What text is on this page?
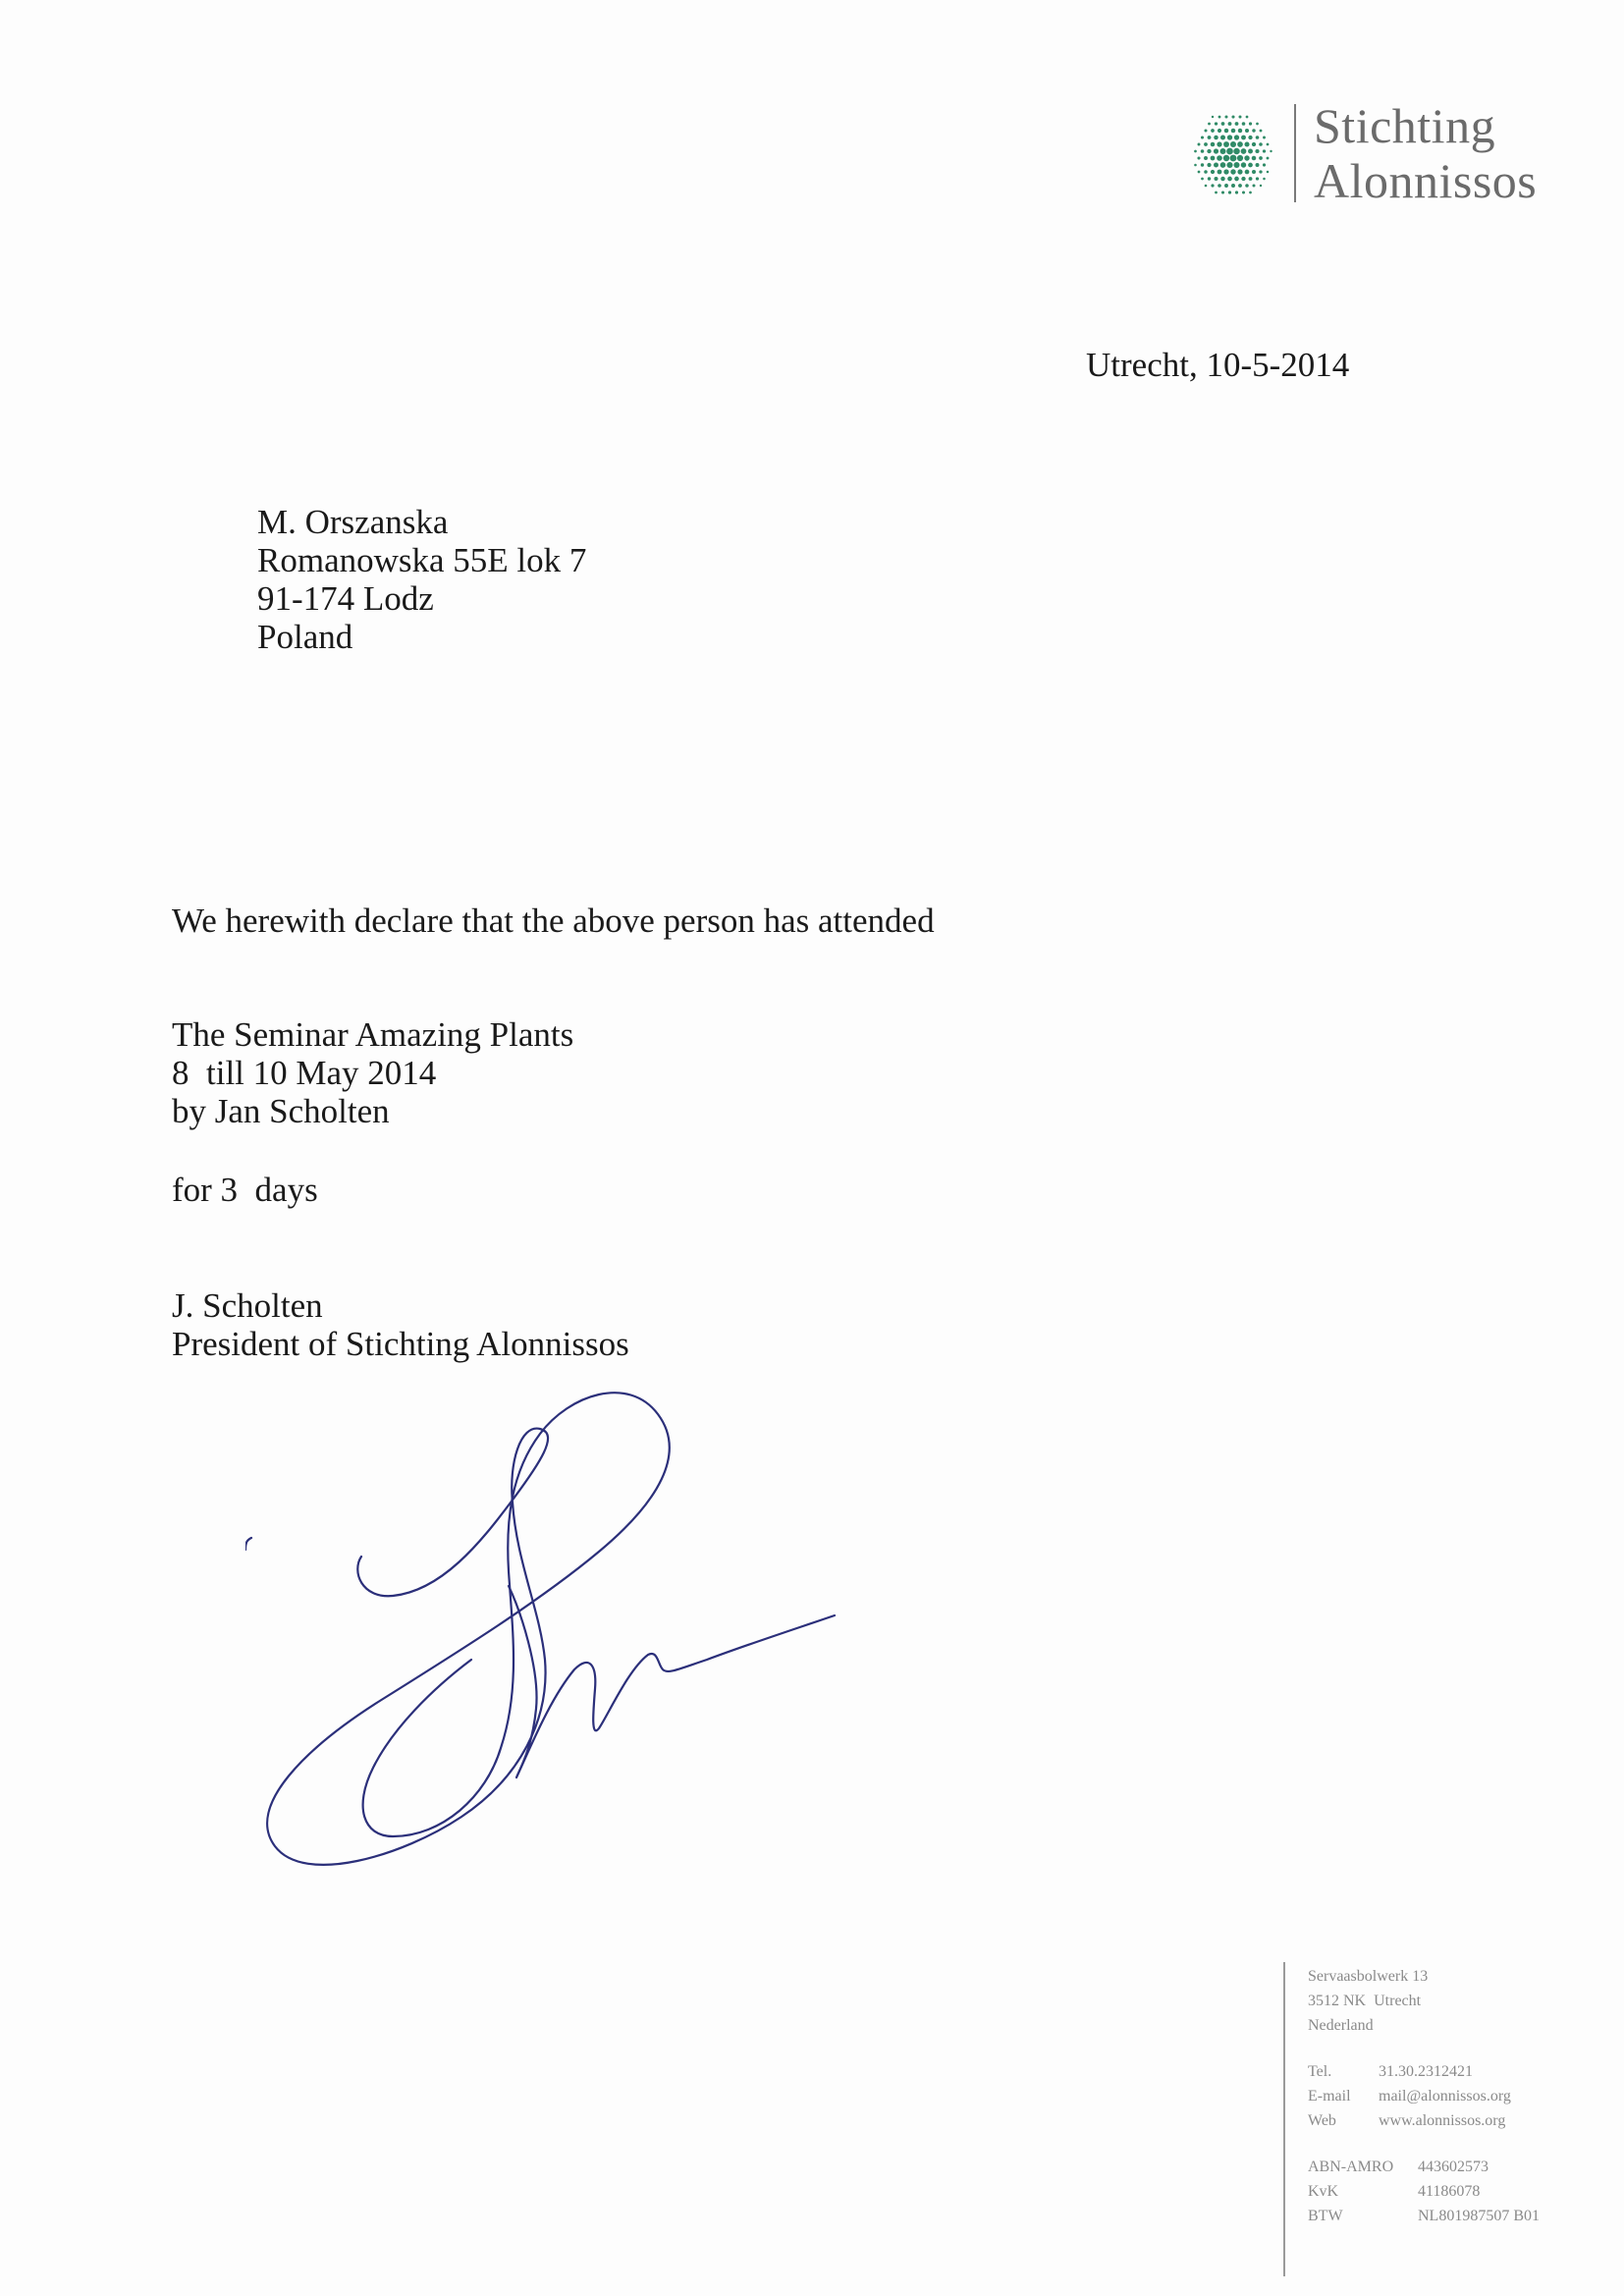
Stichting
Alonnissos
Utrecht, 10-5-2014
M. Orszanska
Romanowska 55E lok 7
91-174 Lodz
Poland
We herewith declare that the above person has attended
The Seminar Amazing Plants
8  till 10 May 2014
by Jan Scholten
for 3  days
J. Scholten
President of Stichting Alonnissos
Servaasbolwerk 13
3512 NK  Utrecht
Nederland
Tel.	31.30.2312421
E-mail	mail@alonnissos.org
Web	www.alonnissos.org
ABN-AMRO	443602573
KvK	41186078
BTW	NL801987507 B01
